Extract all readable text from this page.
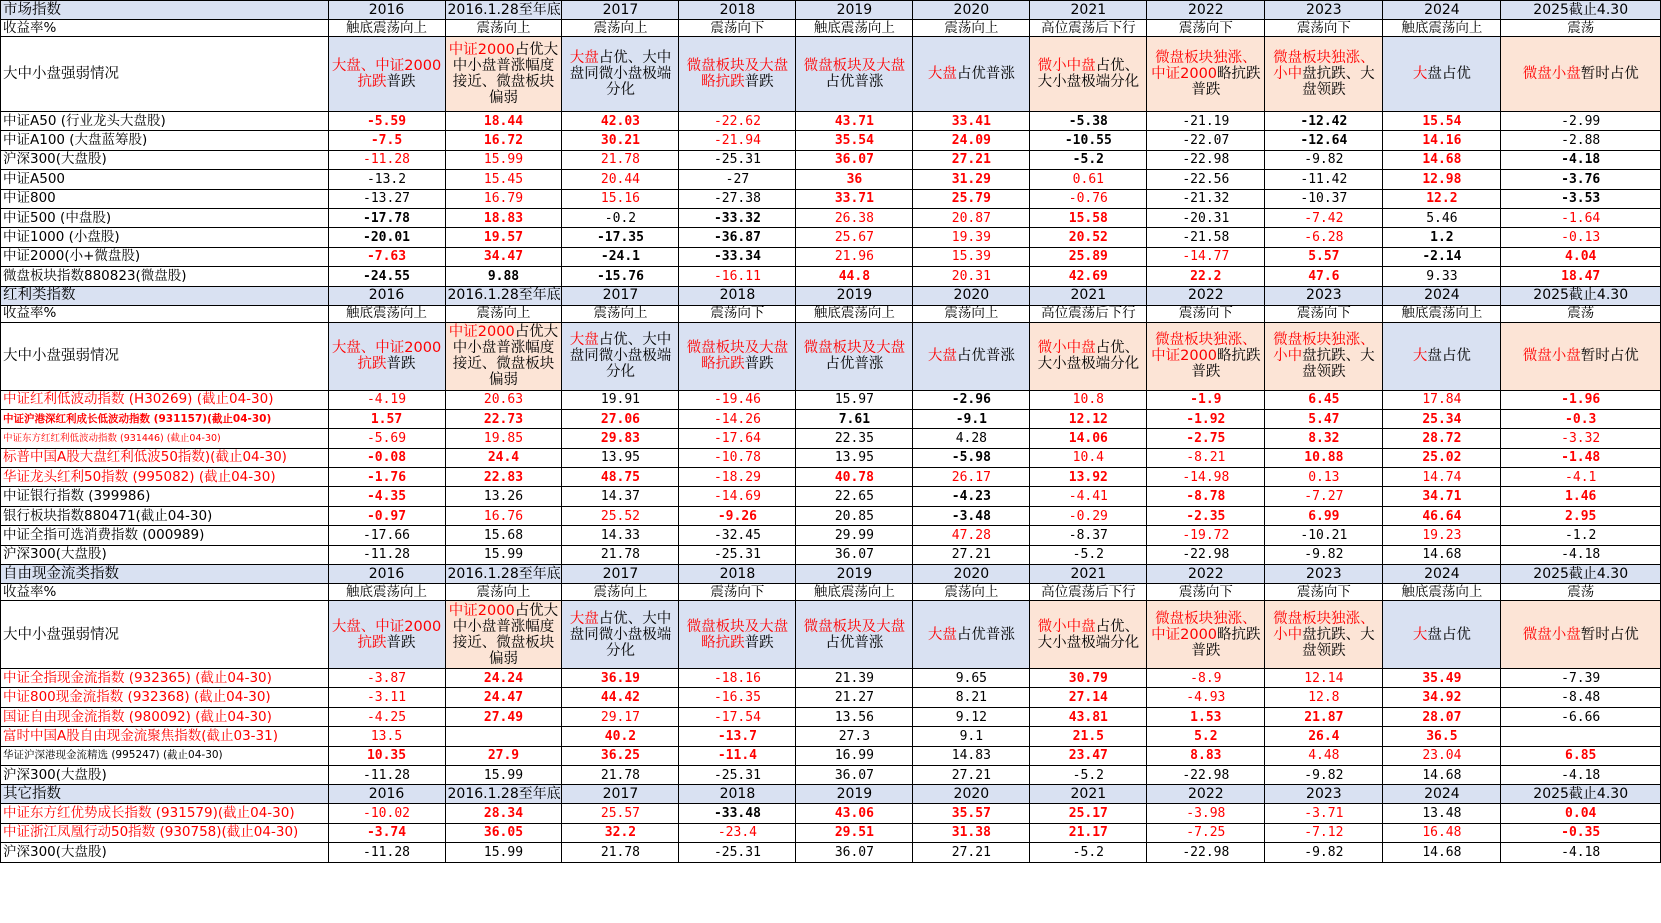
市场指数	2016	2016.1.28至年底	2017	2018	2019	2020	2021	2022	2023	2024	2025截止4.30
收益率%	触底震荡向上	震荡向上	震荡向上	震荡向下	触底震荡向上	震荡向上	高位震荡后下行	震荡向下	震荡向下	触底震荡向上	震荡
大中小盘强弱情况	大盘、中证2000抗跌普跌	中证2000占优大中小盘普涨幅度接近、微盘板块偏弱	大盘占优、大中盘同微小盘极端分化	微盘板块及大盘略抗跌普跌	微盘板块及大盘占优普涨	大盘占优普涨	微小中盘占优、大小盘极端分化	微盘板块独涨、中证2000略抗跌普跌	微盘板块独涨、小中盘抗跌、大盘领跌	大盘占优	微盘小盘暂时占优
中证A50 (行业龙头大盘股)	-5.59	18.44	42.03	-22.62	43.71	33.41	-5.38	-21.19	-12.42	15.54	-2.99
中证A100 (大盘蓝筹股)	-7.5	16.72	30.21	-21.94	35.54	24.09	-10.55	-22.07	-12.64	14.16	-2.88
沪深300(大盘股)	-11.28	15.99	21.78	-25.31	36.07	27.21	-5.2	-22.98	-9.82	14.68	-4.18
中证A500	-13.2	15.45	20.44	-27	36	31.29	0.61	-22.56	-11.42	12.98	-3.76
中证800	-13.27	16.79	15.16	-27.38	33.71	25.79	-0.76	-21.32	-10.37	12.2	-3.53
中证500 (中盘股)	-17.78	18.83	-0.2	-33.32	26.38	20.87	15.58	-20.31	-7.42	5.46	-1.64
中证1000 (小盘股)	-20.01	19.57	-17.35	-36.87	25.67	19.39	20.52	-21.58	-6.28	1.2	-0.13
中证2000(小+微盘股)	-7.63	34.47	-24.1	-33.34	21.96	15.39	25.89	-14.77	5.57	-2.14	4.04
微盘板块指数880823(微盘股)	-24.55	9.88	-15.76	-16.11	44.8	20.31	42.69	22.2	47.6	9.33	18.47
红利类指数	2016	2016.1.28至年底	2017	2018	2019	2020	2021	2022	2023	2024	2025截止4.30
收益率%	触底震荡向上	震荡向上	震荡向上	震荡向下	触底震荡向上	震荡向上	高位震荡后下行	震荡向下	震荡向下	触底震荡向上	震荡
大中小盘强弱情况	大盘、中证2000抗跌普跌	中证2000占优大中小盘普涨幅度接近、微盘板块偏弱	大盘占优、大中盘同微小盘极端分化	微盘板块及大盘略抗跌普跌	微盘板块及大盘占优普涨	大盘占优普涨	微小中盘占优、大小盘极端分化	微盘板块独涨、中证2000略抗跌普跌	微盘板块独涨、小中盘抗跌、大盘领跌	大盘占优	微盘小盘暂时占优
中证红利低波动指数 (H30269) (截止04-30)	-4.19	20.63	19.91	-19.46	15.97	-2.96	10.8	-1.9	6.45	17.84	-1.96
中证沪港深红利成长低波动指数 (931157)(截止04-30)	1.57	22.73	27.06	-14.26	7.61	-9.1	12.12	-1.92	5.47	25.34	-0.3
中证东方红红利低波动指数 (931446) (截止04-30)	-5.69	19.85	29.83	-17.64	22.35	4.28	14.06	-2.75	8.32	28.72	-3.32
标普中国A股大盘红利低波50指数)(截止04-30)	-0.08	24.4	13.95	-10.78	13.95	-5.98	10.4	-8.21	10.88	25.02	-1.48
华证龙头红利50指数 (995082) (截止04-30)	-1.76	22.83	48.75	-18.29	40.78	26.17	13.92	-14.98	0.13	14.74	-4.1
中证银行指数 (399986)	-4.35	13.26	14.37	-14.69	22.65	-4.23	-4.41	-8.78	-7.27	34.71	1.46
银行板块指数880471(截止04-30)	-0.97	16.76	25.52	-9.26	20.85	-3.48	-0.29	-2.35	6.99	46.64	2.95
中证全指可选消费指数 (000989)	-17.66	15.68	14.33	-32.45	29.99	47.28	-8.37	-19.72	-10.21	19.23	-1.2
沪深300(大盘股)	-11.28	15.99	21.78	-25.31	36.07	27.21	-5.2	-22.98	-9.82	14.68	-4.18
自由现金流类指数	2016	2016.1.28至年底	2017	2018	2019	2020	2021	2022	2023	2024	2025截止4.30
收益率%	触底震荡向上	震荡向上	震荡向上	震荡向下	触底震荡向上	震荡向上	高位震荡后下行	震荡向下	震荡向下	触底震荡向上	震荡
大中小盘强弱情况	大盘、中证2000抗跌普跌	中证2000占优大中小盘普涨幅度接近、微盘板块偏弱	大盘占优、大中盘同微小盘极端分化	微盘板块及大盘略抗跌普跌	微盘板块及大盘占优普涨	大盘占优普涨	微小中盘占优、大小盘极端分化	微盘板块独涨、中证2000略抗跌普跌	微盘板块独涨、小中盘抗跌、大盘领跌	大盘占优	微盘小盘暂时占优
中证全指现金流指数 (932365) (截止04-30)	-3.87	24.24	36.19	-18.16	21.39	9.65	30.79	-8.9	12.14	35.49	-7.39
中证800现金流指数 (932368) (截止04-30)	-3.11	24.47	44.42	-16.35	21.27	8.21	27.14	-4.93	12.8	34.92	-8.48
国证自由现金流指数 (980092) (截止04-30)	-4.25	27.49	29.17	-17.54	13.56	9.12	43.81	1.53	21.87	28.07	-6.66
富时中国A股自由现金流聚焦指数(截止03-31)	13.5		40.2	-13.7	27.3	9.1	21.5	5.2	26.4	36.5	
华证沪深港现金流精选 (995247) (截止04-30)	10.35	27.9	36.25	-11.4	16.99	14.83	23.47	8.83	4.48	23.04	6.85
沪深300(大盘股)	-11.28	15.99	21.78	-25.31	36.07	27.21	-5.2	-22.98	-9.82	14.68	-4.18
其它指数	2016	2016.1.28至年底	2017	2018	2019	2020	2021	2022	2023	2024	2025截止4.30
中证东方红优势成长指数 (931579)(截止04-30)	-10.02	28.34	25.57	-33.48	43.06	35.57	25.17	-3.98	-3.71	13.48	0.04
中证浙江凤凰行动50指数 (930758)(截止04-30)	-3.74	36.05	32.2	-23.4	29.51	31.38	21.17	-7.25	-7.12	16.48	-0.35
沪深300(大盘股)	-11.28	15.99	21.78	-25.31	36.07	27.21	-5.2	-22.98	-9.82	14.68	-4.18
